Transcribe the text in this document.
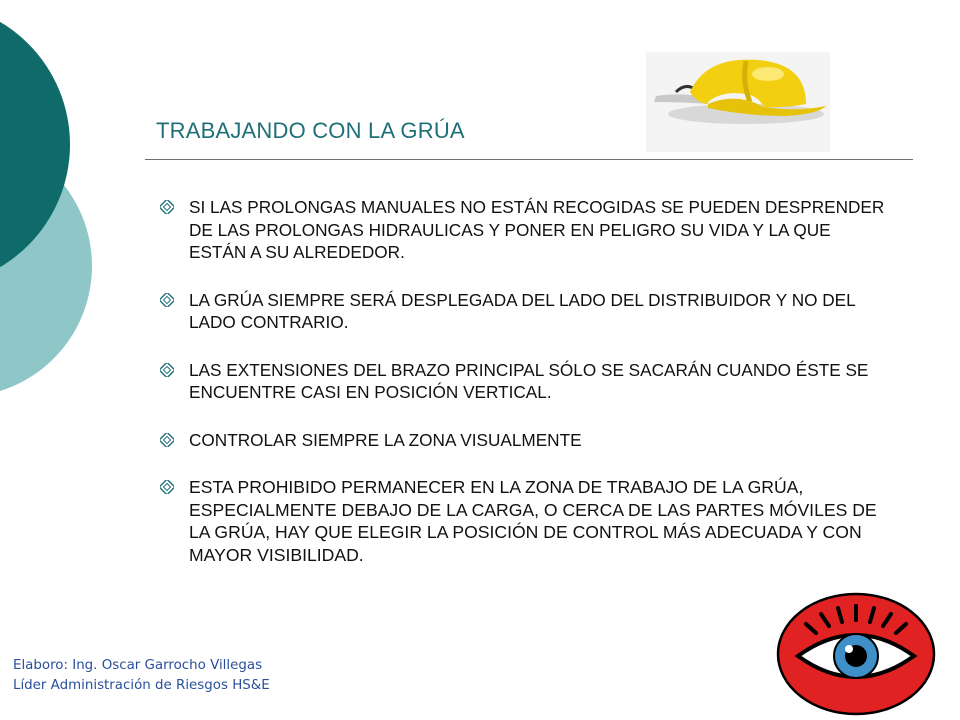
TRABAJANDO CON LA GRÚA
SI LAS PROLONGAS MANUALES NO ESTÁN RECOGIDAS SE PUEDEN DESPRENDER DE LAS PROLONGAS HIDRAULICAS Y PONER EN PELIGRO SU VIDA Y LA QUE ESTÁN A SU ALREDEDOR.
LA GRÚA SIEMPRE SERÁ DESPLEGADA DEL LADO DEL DISTRIBUIDOR Y NO DEL LADO CONTRARIO.
LAS EXTENSIONES DEL BRAZO PRINCIPAL SÓLO SE SACARÁN CUANDO ÉSTE SE ENCUENTRE CASI EN POSICIÓN VERTICAL.
CONTROLAR SIEMPRE LA ZONA VISUALMENTE
ESTA PROHIBIDO PERMANECER EN LA ZONA DE TRABAJO DE LA GRÚA, ESPECIALMENTE DEBAJO DE LA CARGA, O CERCA DE LAS PARTES MÓVILES DE LA GRÚA, HAY QUE ELEGIR LA POSICIÓN DE CONTROL MÁS ADECUADA Y CON MAYOR VISIBILIDAD.
Elaboro: Ing. Oscar Garrocho Villegas
Líder Administración de Riesgos HS&E
